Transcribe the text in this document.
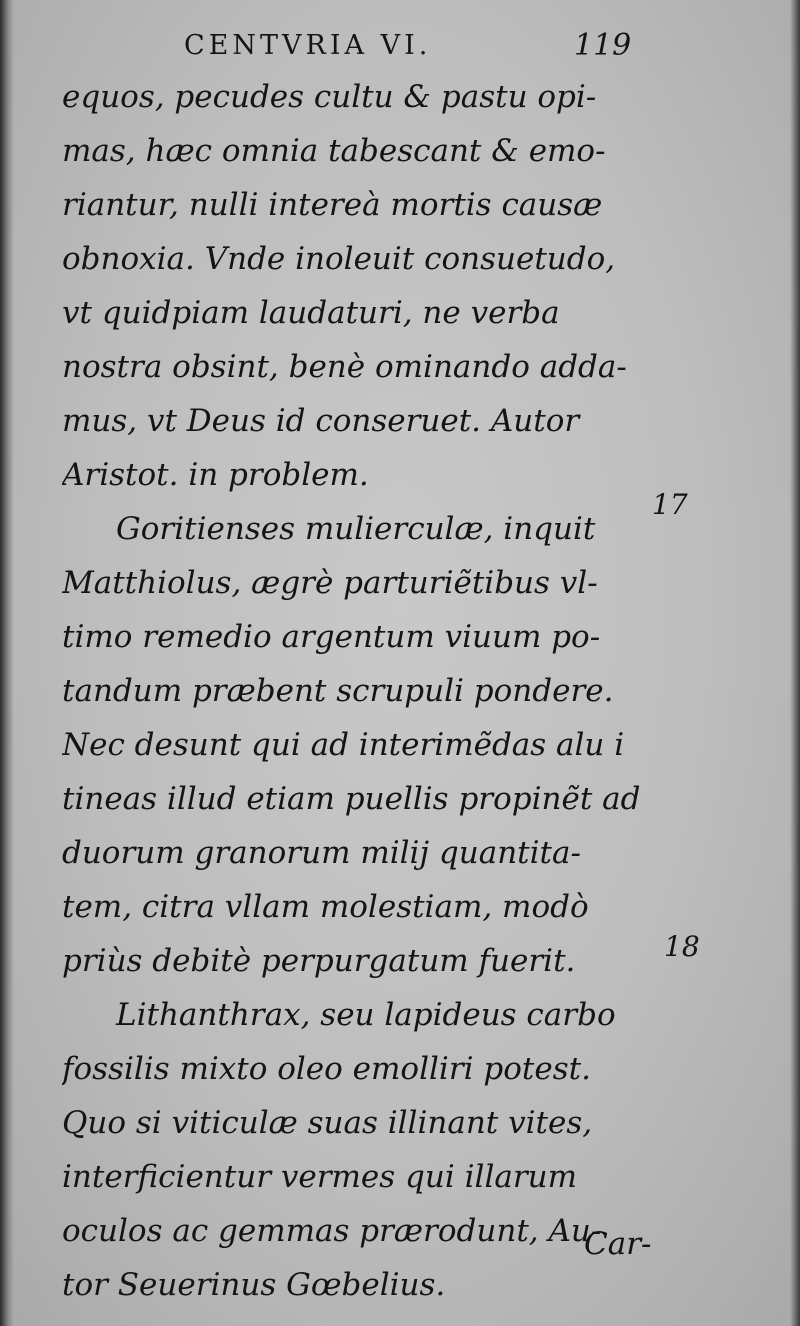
CENTVRIA VI.	119
equos, pecudes cultu & pastu opi-
mas, hæc omnia tabescant & emo-
riantur, nulli intereà mortis causæ
obnoxia. Vnde inoleuit consuetudo,
vt quidpiam laudaturi, ne verba
nostra obsint, benè ominando adda-
mus, vt Deus id conseruet. Autor
Aristot. in problem.
Goritienses mulierculæ, inquit
Matthiolus, ægrè parturiẽtibus vl-
timo remedio argentum viuum po-
tandum præbent scrupuli pondere.
Nec desunt qui ad interimẽdas alu i
tineas illud etiam puellis propinẽt ad
duorum granorum milij quantita-
tem, citra vllam molestiam, modò
priùs debitè perpurgatum fuerit.
Lithanthrax, seu lapideus carbo
fossilis mixto oleo emolliri potest.
Quo si viticulæ suas illinant vites,
interficientur vermes qui illarum
oculos ac gemmas prærodunt, Au-
tor Seuerinus Gœbelius.
17
18
Car-
